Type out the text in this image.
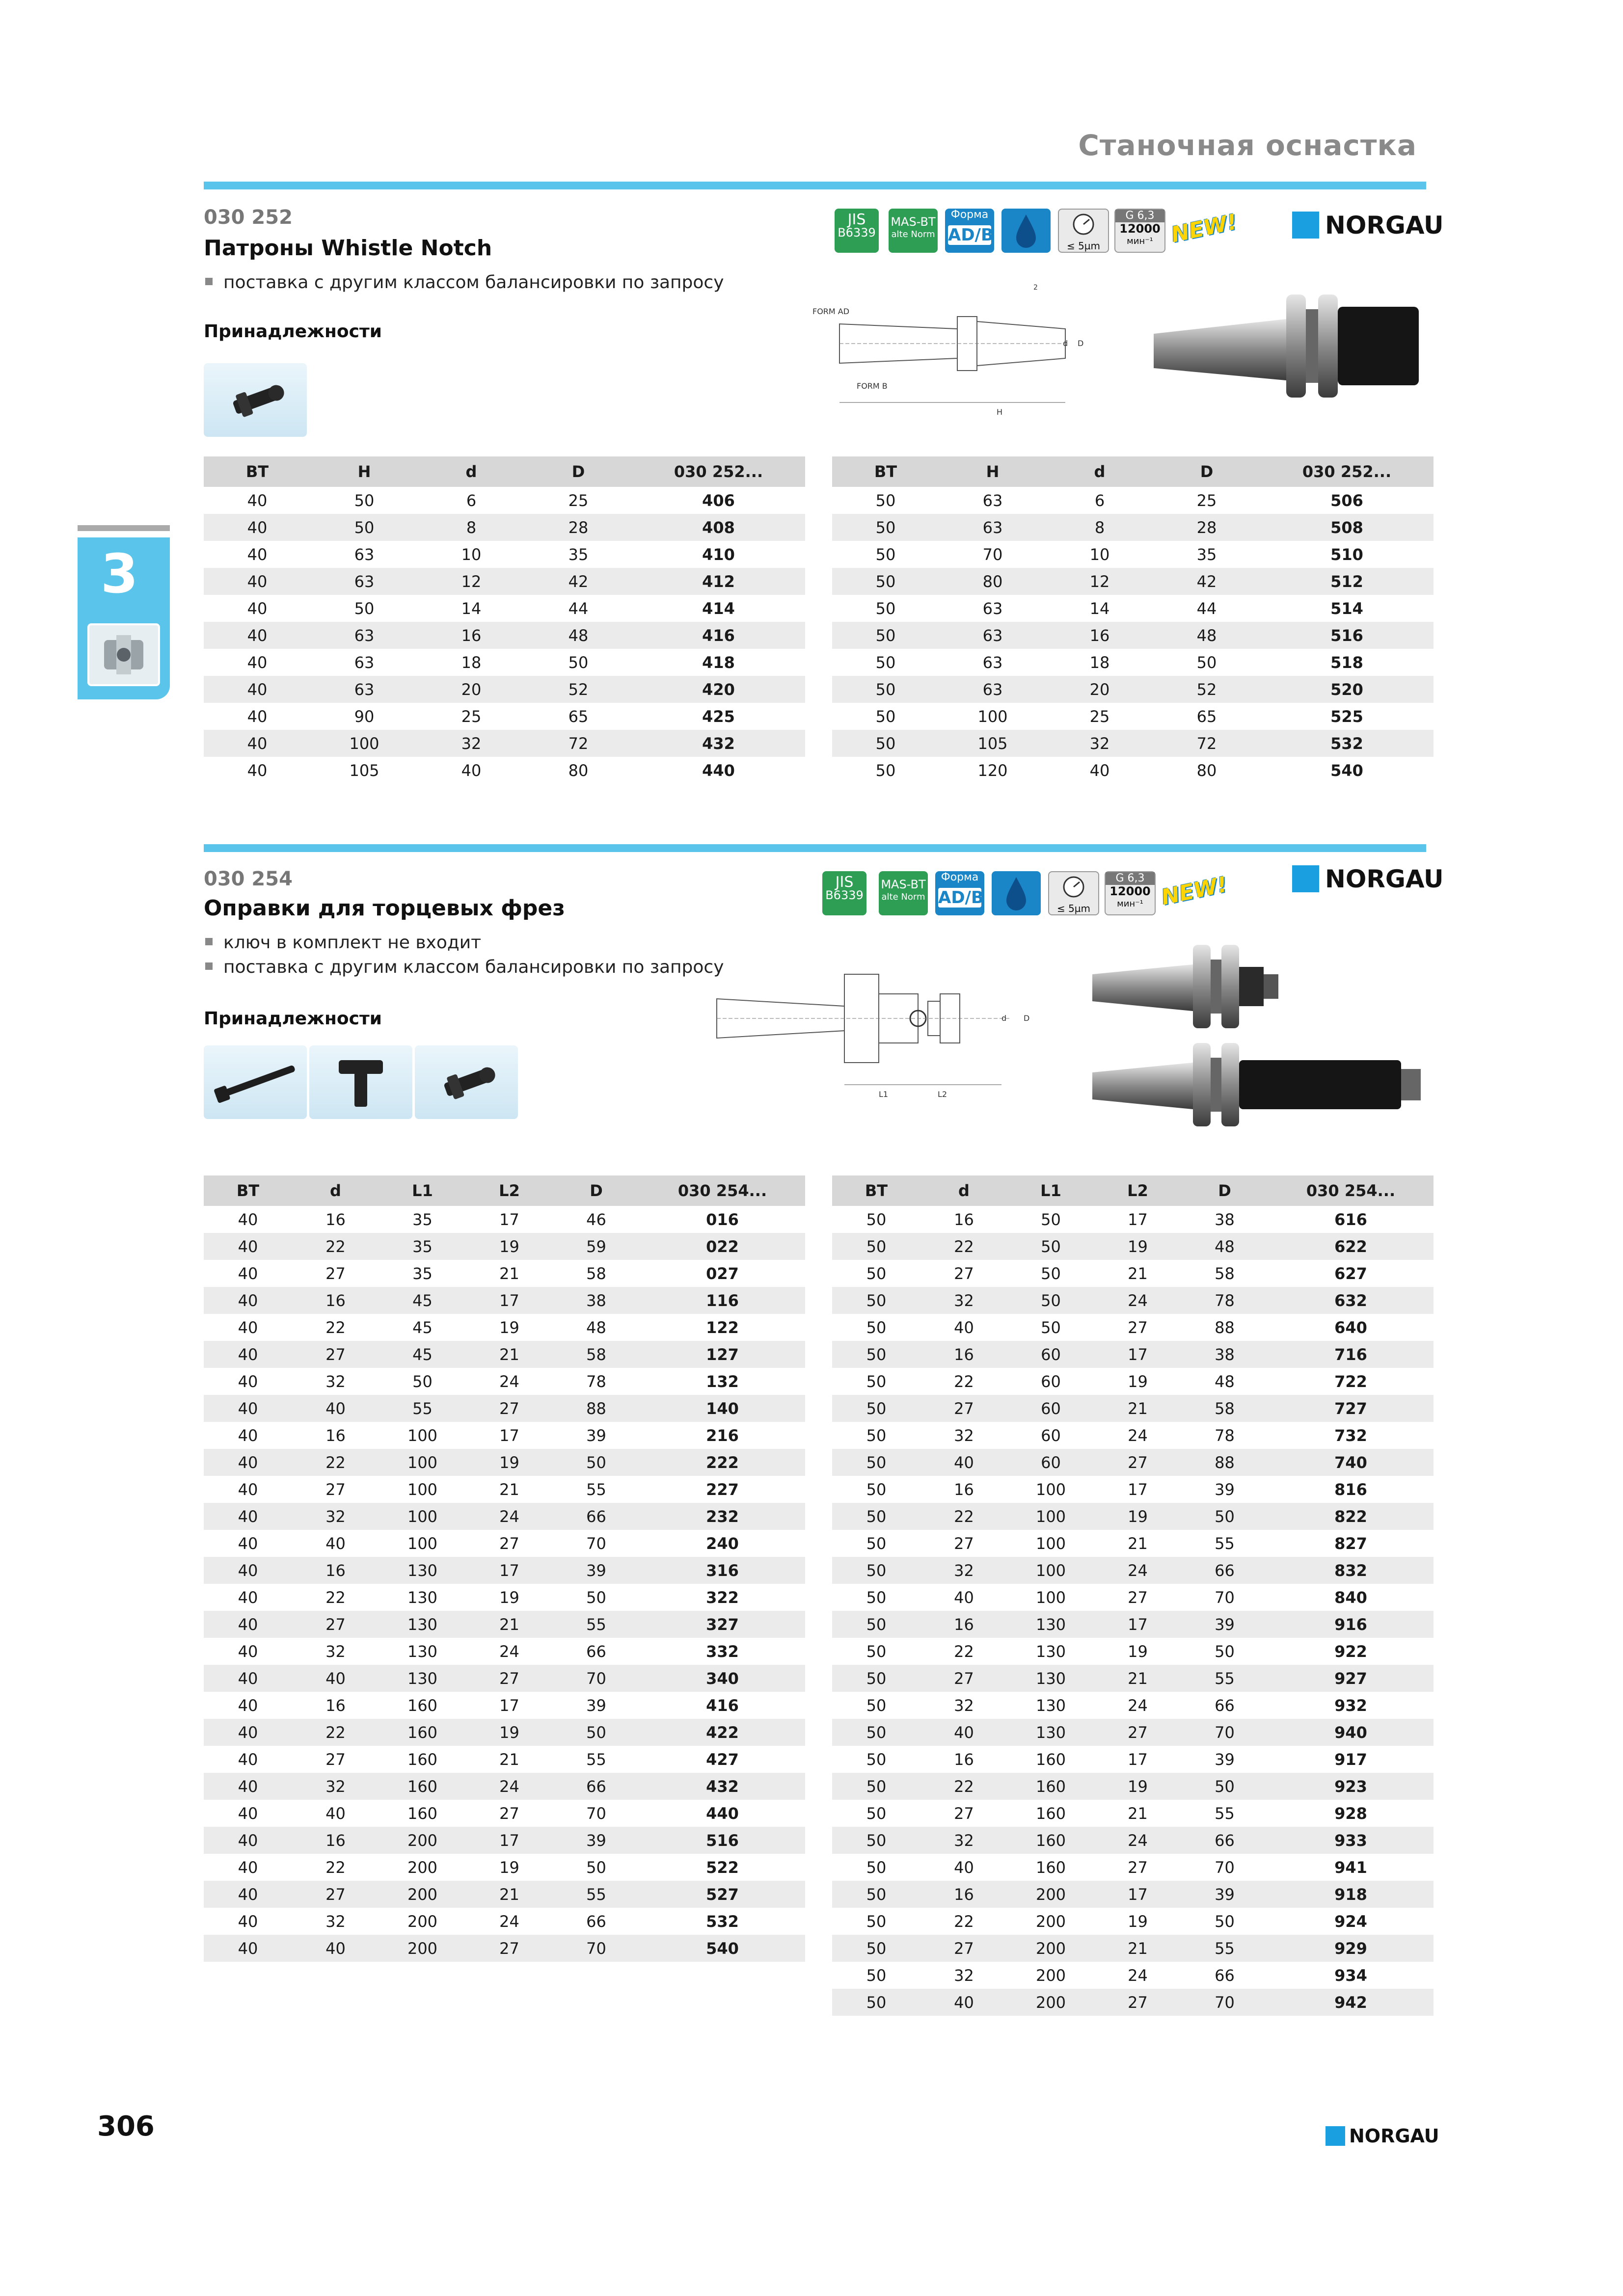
Станочная оснастка
3
030 252
Патроны Whistle Notch
поставка с другим классом балансировки по запросу
Принадлежности
JIS
B6339
MAS-BT
alte Norm
Форма
AD/B
≤ 5µm
G 6,3
12000
мин⁻¹ NEW!	NORGAU
FORM AD
FORM B
H
D
d
2
BT	H	d	D	030 252...
40	50	6	25	406
40	50	8	28	408
40	63	10	35	410
40	63	12	42	412
40	50	14	44	414
40	63	16	48	416
40	63	18	50	418
40	63	20	52	420
40	90	25	65	425
40	100	32	72	432
40	105	40	80	440
BT	H	d	D	030 252...
50	63	6	25	506
50	63	8	28	508
50	70	10	35	510
50	80	12	42	512
50	63	14	44	514
50	63	16	48	516
50	63	18	50	518
50	63	20	52	520
50	100	25	65	525
50	105	32	72	532
50	120	40	80	540
030 254
Оправки для торцевых фрез
ключ в комплект не входит
поставка с другим классом балансировки по запросу
Принадлежности
JIS
B6339
MAS-BT
alte Norm
Форма
AD/B
≤ 5µm
G 6,3
12000
мин⁻¹ NEW!	NORGAU
L1	L2
d D
BT	d	L1	L2	D	030 254...
40	16	35	17	46	016
40	22	35	19	59	022
40	27	35	21	58	027
40	16	45	17	38	116
40	22	45	19	48	122
40	27	45	21	58	127
40	32	50	24	78	132
40	40	55	27	88	140
40	16	100	17	39	216
40	22	100	19	50	222
40	27	100	21	55	227
40	32	100	24	66	232
40	40	100	27	70	240
40	16	130	17	39	316
40	22	130	19	50	322
40	27	130	21	55	327
40	32	130	24	66	332
40	40	130	27	70	340
40	16	160	17	39	416
40	22	160	19	50	422
40	27	160	21	55	427
40	32	160	24	66	432
40	40	160	27	70	440
40	16	200	17	39	516
40	22	200	19	50	522
40	27	200	21	55	527
40	32	200	24	66	532
40	40	200	27	70	540
BT	d	L1	L2	D	030 254...
50	16	50	17	38	616
50	22	50	19	48	622
50	27	50	21	58	627
50	32	50	24	78	632
50	40	50	27	88	640
50	16	60	17	38	716
50	22	60	19	48	722
50	27	60	21	58	727
50	32	60	24	78	732
50	40	60	27	88	740
50	16	100	17	39	816
50	22	100	19	50	822
50	27	100	21	55	827
50	32	100	24	66	832
50	40	100	27	70	840
50	16	130	17	39	916
50	22	130	19	50	922
50	27	130	21	55	927
50	32	130	24	66	932
50	40	130	27	70	940
50	16	160	17	39	917
50	22	160	19	50	923
50	27	160	21	55	928
50	32	160	24	66	933
50	40	160	27	70	941
50	16	200	17	39	918
50	22	200	19	50	924
50	27	200	21	55	929
50	32	200	24	66	934
50	40	200	27	70	942
306	NORGAU
